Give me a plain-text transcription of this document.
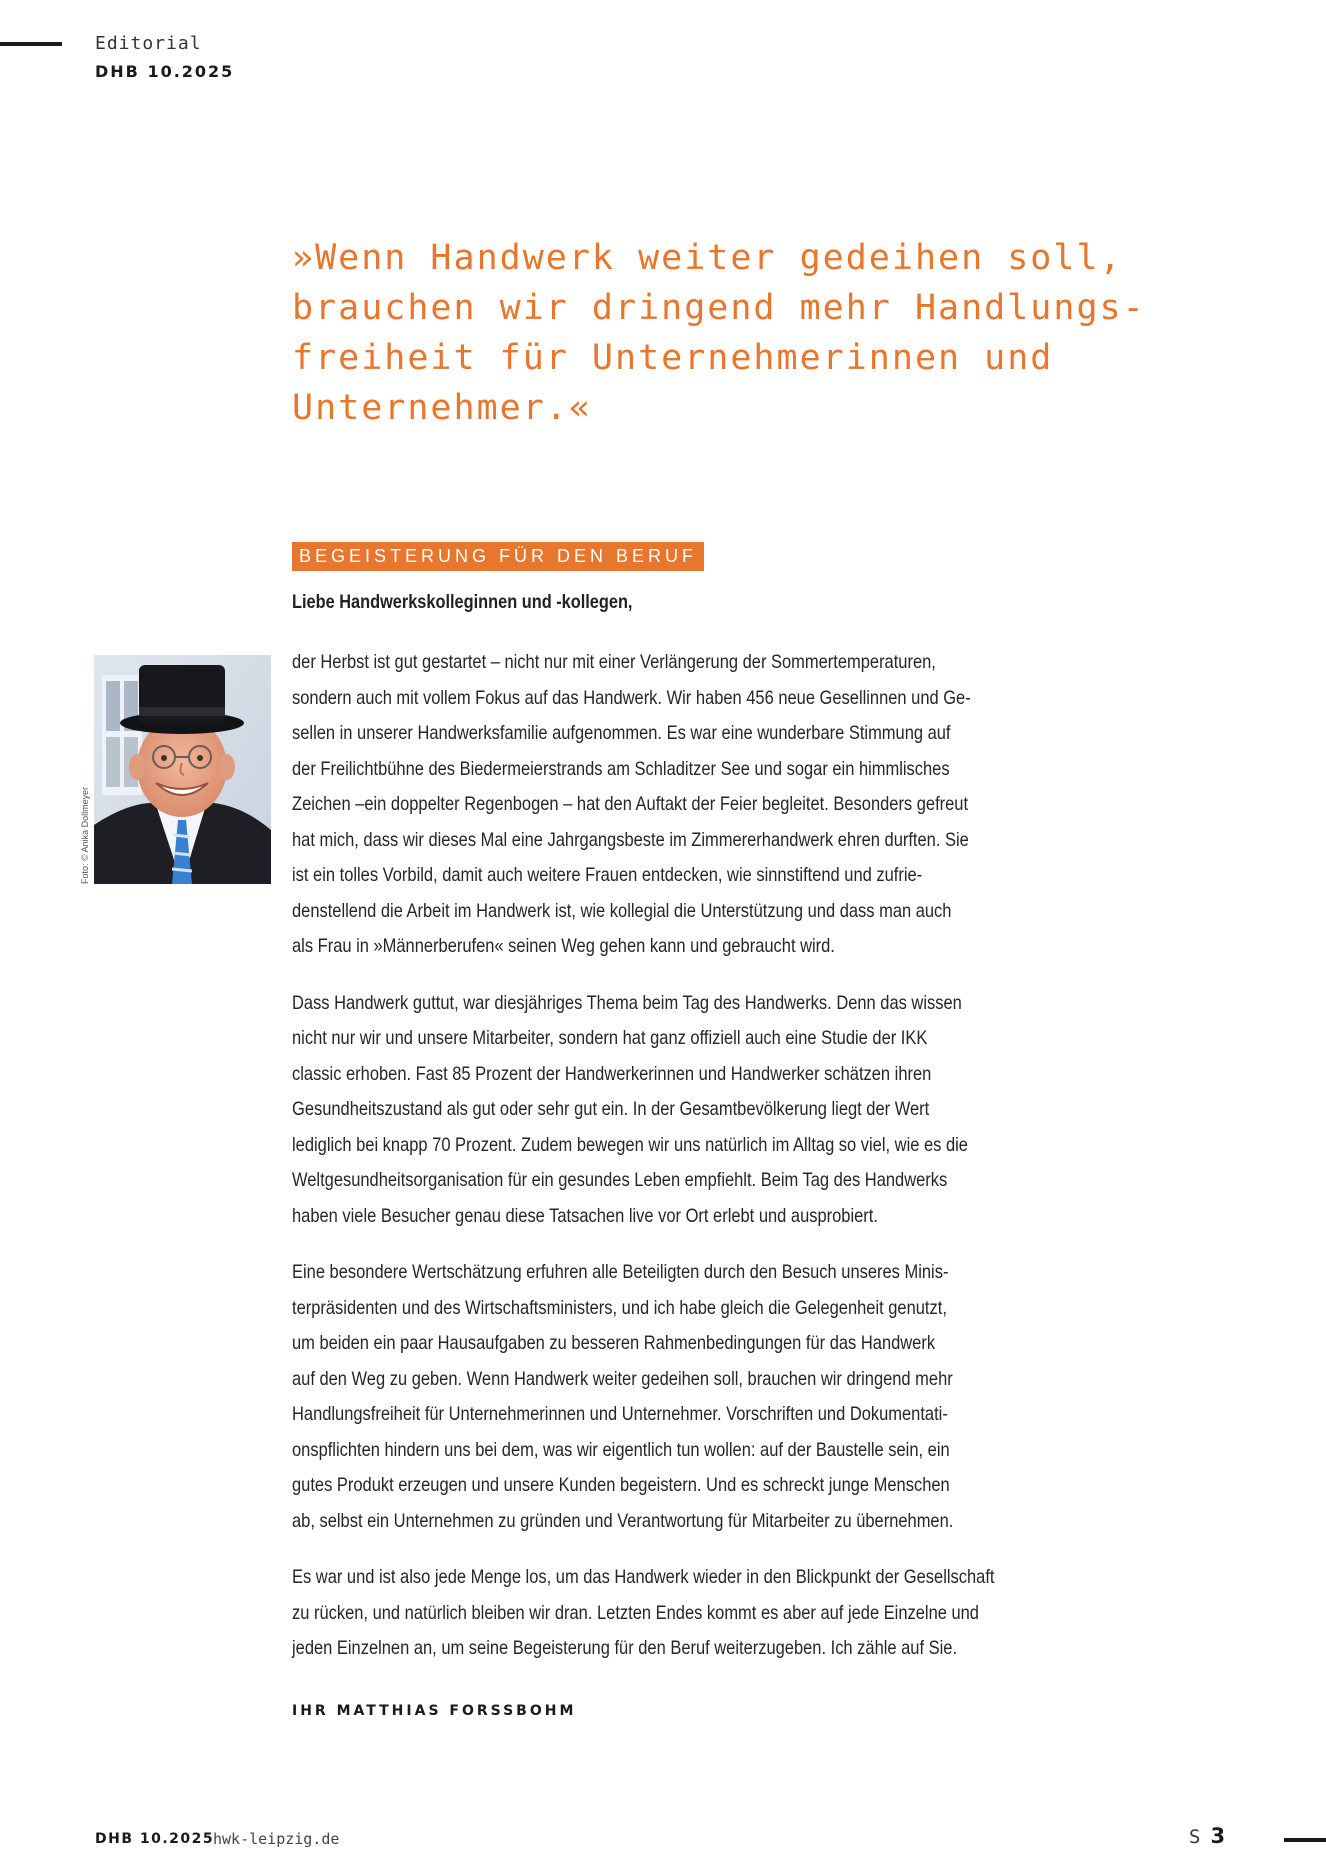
Editorial
DHB 10.2025
»Wenn Handwerk weiter gedeihen soll,
brauchen wir dringend mehr Handlungs-
freiheit für Unternehmerinnen und
Unternehmer.«
BEGEISTERUNG FÜR DEN BERUF
Liebe Handwerkskolleginnen und -kollegen,
Foto: © Anika Dollmeyer
der Herbst ist gut gestartet – nicht nur mit einer Verlängerung der Sommertemperaturen,
sondern auch mit vollem Fokus auf das Handwerk. Wir haben 456 neue Gesellinnen und Ge-
sellen in unserer Handwerksfamilie aufgenommen. Es war eine wunderbare Stimmung auf
der Freilichtbühne des Biedermeierstrands am Schladitzer See und sogar ein himmlisches
Zeichen –ein doppelter Regenbogen – hat den Auftakt der Feier begleitet. Besonders gefreut
hat mich, dass wir dieses Mal eine Jahrgangsbeste im Zimmererhandwerk ehren durften. Sie
ist ein tolles Vorbild, damit auch weitere Frauen entdecken, wie sinnstiftend und zufrie-
denstellend die Arbeit im Handwerk ist, wie kollegial die Unterstützung und dass man auch
als Frau in »Männerberufen« seinen Weg gehen kann und gebraucht wird.
Dass Handwerk guttut, war diesjähriges Thema beim Tag des Handwerks. Denn das wissen
nicht nur wir und unsere Mitarbeiter, sondern hat ganz offiziell auch eine Studie der IKK
classic erhoben. Fast 85 Prozent der Handwerkerinnen und Handwerker schätzen ihren
Gesundheitszustand als gut oder sehr gut ein. In der Gesamtbevölkerung liegt der Wert
lediglich bei knapp 70 Prozent. Zudem bewegen wir uns natürlich im Alltag so viel, wie es die
Weltgesundheitsorganisation für ein gesundes Leben empfiehlt. Beim Tag des Handwerks
haben viele Besucher genau diese Tatsachen live vor Ort erlebt und ausprobiert.
Eine besondere Wertschätzung erfuhren alle Beteiligten durch den Besuch unseres Minis-
terpräsidenten und des Wirtschaftsministers, und ich habe gleich die Gelegenheit genutzt,
um beiden ein paar Hausaufgaben zu besseren Rahmenbedingungen für das Handwerk
auf den Weg zu geben. Wenn Handwerk weiter gedeihen soll, brauchen wir dringend mehr
Handlungsfreiheit für Unternehmerinnen und Unternehmer. Vorschriften und Dokumentati-
onspflichten hindern uns bei dem, was wir eigentlich tun wollen: auf der Baustelle sein, ein
gutes Produkt erzeugen und unsere Kunden begeistern. Und es schreckt junge Menschen
ab, selbst ein Unternehmen zu gründen und Verantwortung für Mitarbeiter zu übernehmen.
Es war und ist also jede Menge los, um das Handwerk wieder in den Blickpunkt der Gesellschaft
zu rücken, und natürlich bleiben wir dran. Letzten Endes kommt es aber auf jede Einzelne und
jeden Einzelnen an, um seine Begeisterung für den Beruf weiterzugeben. Ich zähle auf Sie.
IHR MATTHIAS FORSSBOHM
DHB 10.2025
hwk-leipzig.de	S 3
